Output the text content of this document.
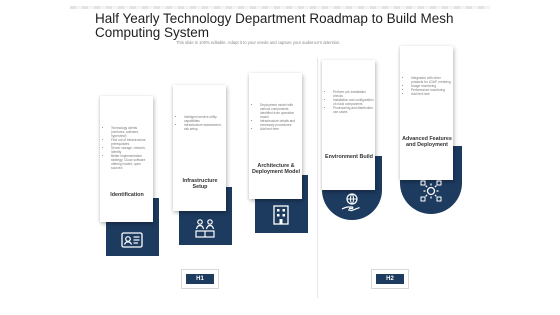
Half Yearly Technology Department Roadmap to Build Mesh Computing System
This slide is 100% editable. Adapt it to your needs and capture your audience's attention.
• Technology clients (ventures, software, hyperview)
• Find out of infrastructure prerequisites
• Server storage, network, Identity
• Better implementation strategy: Cloud software offering hosted, open sourced
Identification
• Intelligent service utility capabilities
• Infrastructure assessment, risk setup
Infrastructure Setup
• Deployment model with various components identified from operation model
• Infrastructure details and necessary procedures
• Add text here
Architecture & Deployment Model
• Perform pre-installation checks
• Installation and configuration of cloud components
• Provisioning and distribution use cases
Environment Build
• Integration with other products for LDAP, metering
• Usage monitoring
• Performance monitoring
• Add text here
Advanced Features and Deployment
H1	H2
